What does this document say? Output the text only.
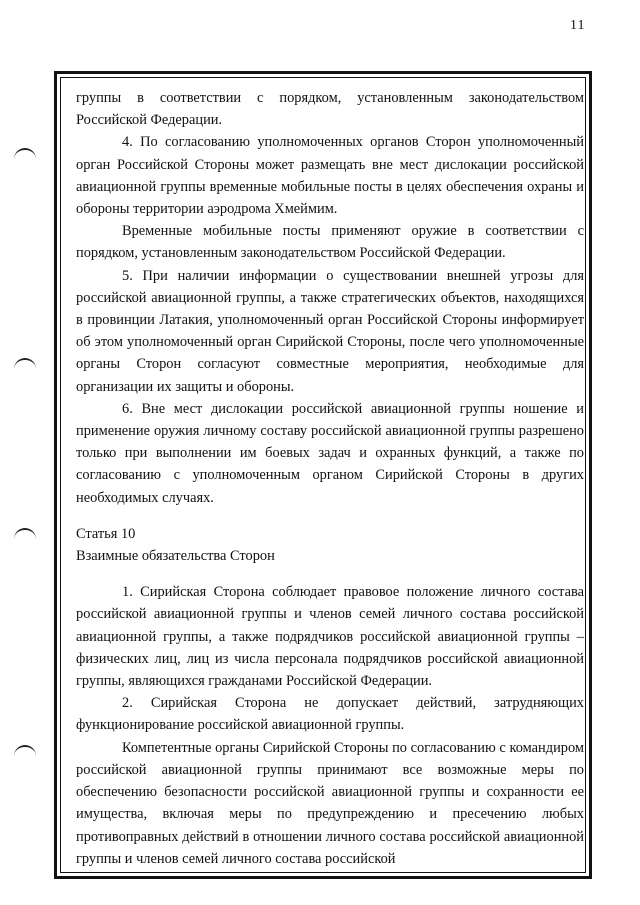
11

группы в соответствии с порядком, установленным законодательством Российской Федерации.

4. По согласованию уполномоченных органов Сторон уполномоченный орган Российской Стороны может размещать вне мест дислокации российской авиационной группы временные мобильные посты в целях обеспечения охраны и обороны территории аэродрома Хмеймим.

Временные мобильные посты применяют оружие в соответствии с порядком, установленным законодательством Российской Федерации.

5. При наличии информации о существовании внешней угрозы для российской авиационной группы, а также стратегических объектов, находящихся в провинции Латакия, уполномоченный орган Российской Стороны информирует об этом уполномоченный орган Сирийской Стороны, после чего уполномоченные органы Сторон согласуют совместные мероприятия, необходимые для организации их защиты и обороны.

6. Вне мест дислокации российской авиационной группы ношение и применение оружия личному составу российской авиационной группы разрешено только при выполнении им боевых задач и охранных функций, а также по согласованию с уполномоченным органом Сирийской Стороны в других необходимых случаях.

Статья 10

Взаимные обязательства Сторон

1. Сирийская Сторона соблюдает правовое положение личного состава российской авиационной группы и членов семей личного состава российской авиационной группы, а также подрядчиков российской авиационной группы – физических лиц, лиц из числа персонала подрядчиков российской авиационной группы, являющихся гражданами Российской Федерации.

2. Сирийская Сторона не допускает действий, затрудняющих функционирование российской авиационной группы.

Компетентные органы Сирийской Стороны по согласованию с командиром российской авиационной группы принимают все возможные меры по обеспечению безопасности российской авиационной группы и сохранности ее имущества, включая меры по предупреждению и пресечению любых противоправных действий в отношении личного состава российской авиационной группы и членов семей личного состава российской
